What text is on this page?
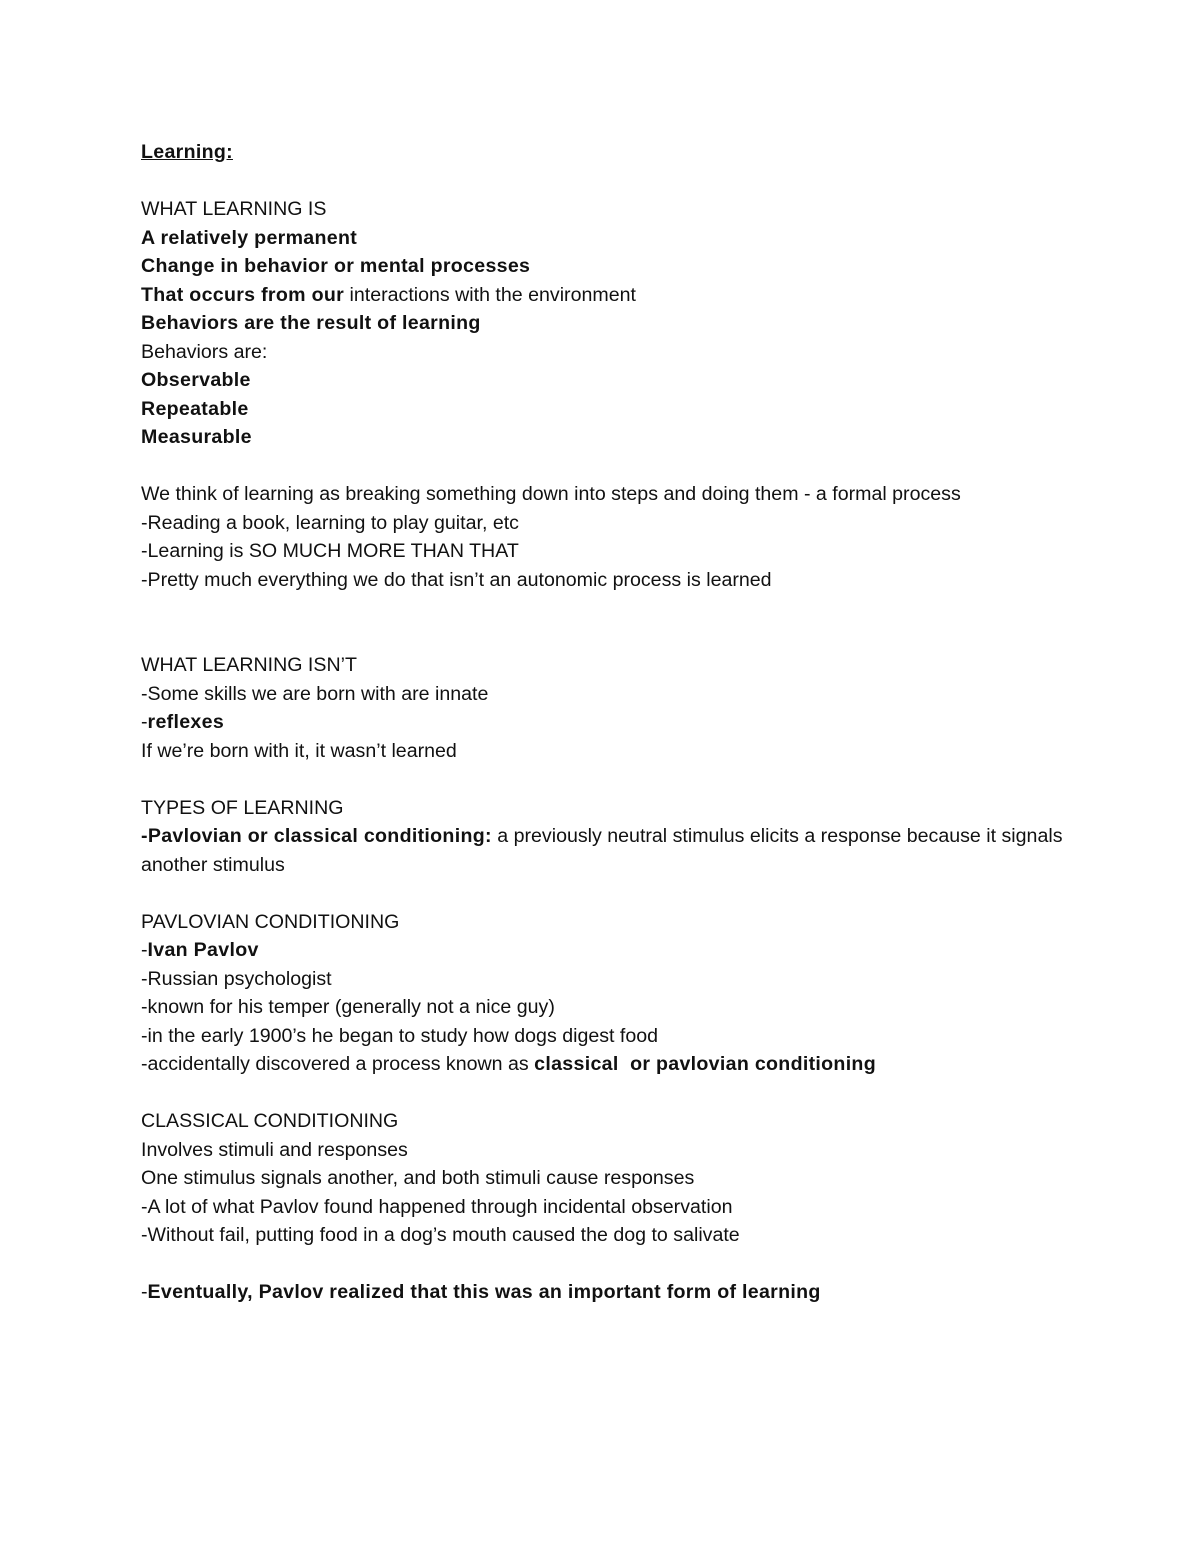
Learning:
WHAT LEARNING IS
A relatively permanent
Change in behavior or mental processes
That occurs from our interactions with the environment
Behaviors are the result of learning
Behaviors are:
Observable
Repeatable
Measurable
We think of learning as breaking something down into steps and doing them - a formal process
-Reading a book, learning to play guitar, etc
-Learning is SO MUCH MORE THAN THAT
-Pretty much everything we do that isn’t an autonomic process is learned
WHAT LEARNING ISN’T
-Some skills we are born with are innate
-reflexes
If we’re born with it, it wasn’t learned
TYPES OF LEARNING
-Pavlovian or classical conditioning: a previously neutral stimulus elicits a response because it signals another stimulus
PAVLOVIAN CONDITIONING
-Ivan Pavlov
-Russian psychologist
-known for his temper (generally not a nice guy)
-in the early 1900’s he began to study how dogs digest food
-accidentally discovered a process known as classical  or pavlovian conditioning
CLASSICAL CONDITIONING
Involves stimuli and responses
One stimulus signals another, and both stimuli cause responses
-A lot of what Pavlov found happened through incidental observation
-Without fail, putting food in a dog’s mouth caused the dog to salivate
-Eventually, Pavlov realized that this was an important form of learning
